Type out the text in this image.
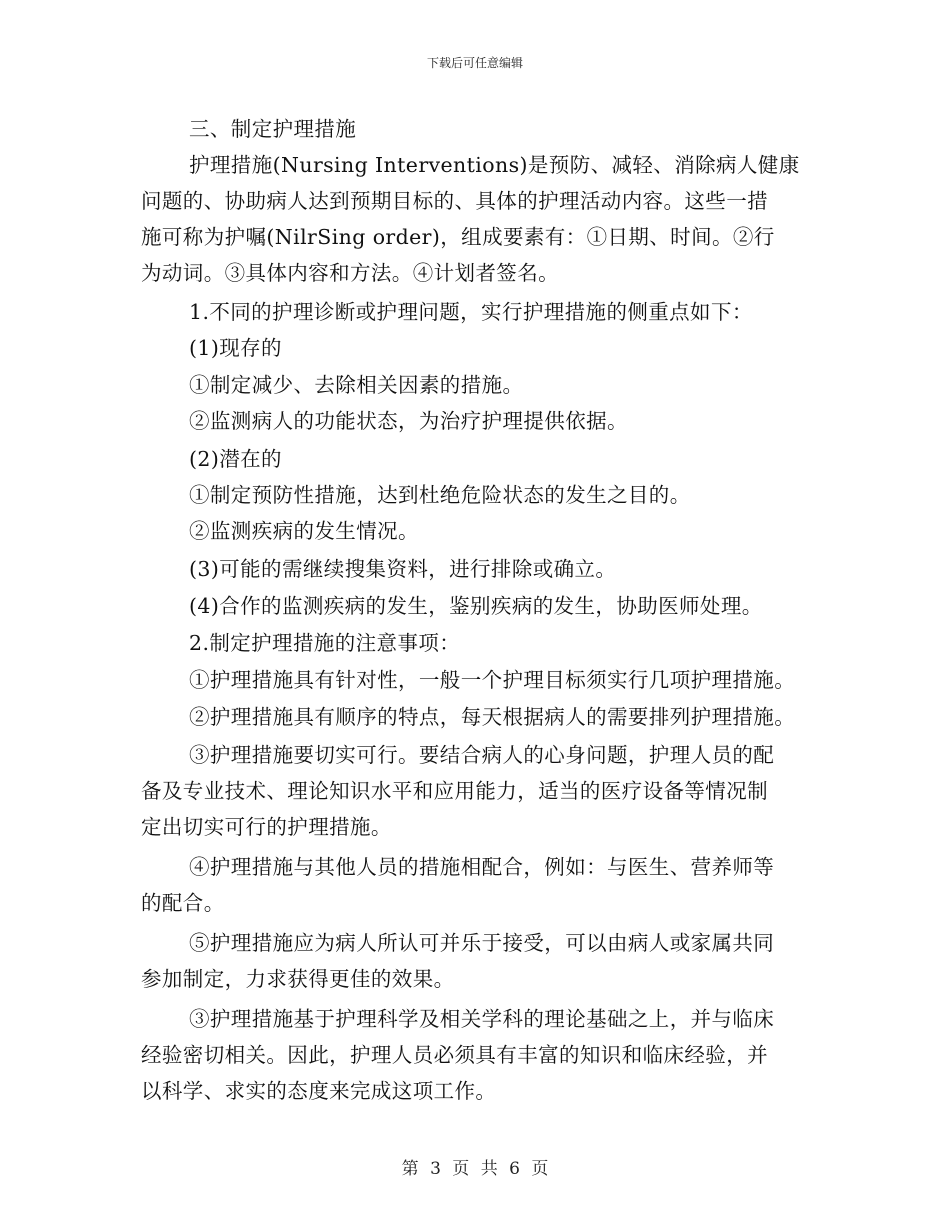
下载后可任意编辑
三、制定护理措施
护理措施(Nursing Interventions)是预防、减轻、消除病人健康
问题的、协助病人达到预期目标的、具体的护理活动内容。这些一措
施可称为护嘱(NilrSing order)，组成要素有：①日期、时间。②行
为动词。③具体内容和方法。④计划者签名。
1.不同的护理诊断或护理问题，实行护理措施的侧重点如下：
(1)现存的
①制定减少、去除相关因素的措施。
②监测病人的功能状态，为治疗护理提供依据。
(2)潜在的
①制定预防性措施，达到杜绝危险状态的发生之目的。
②监测疾病的发生情况。
(3)可能的需继续搜集资料，进行排除或确立。
(4)合作的监测疾病的发生，鉴别疾病的发生，协助医师处理。
2.制定护理措施的注意事项：
①护理措施具有针对性，一般一个护理目标须实行几项护理措施。
②护理措施具有顺序的特点，每天根据病人的需要排列护理措施。
③护理措施要切实可行。要结合病人的心身问题，护理人员的配
备及专业技术、理论知识水平和应用能力，适当的医疗设备等情况制
定出切实可行的护理措施。
④护理措施与其他人员的措施相配合，例如：与医生、营养师等
的配合。
⑤护理措施应为病人所认可并乐于接受，可以由病人或家属共同
参加制定，力求获得更佳的效果。
③护理措施基于护理科学及相关学科的理论基础之上，并与临床
经验密切相关。因此，护理人员必须具有丰富的知识和临床经验，并
以科学、求实的态度来完成这项工作。
第 3 页 共 6 页
